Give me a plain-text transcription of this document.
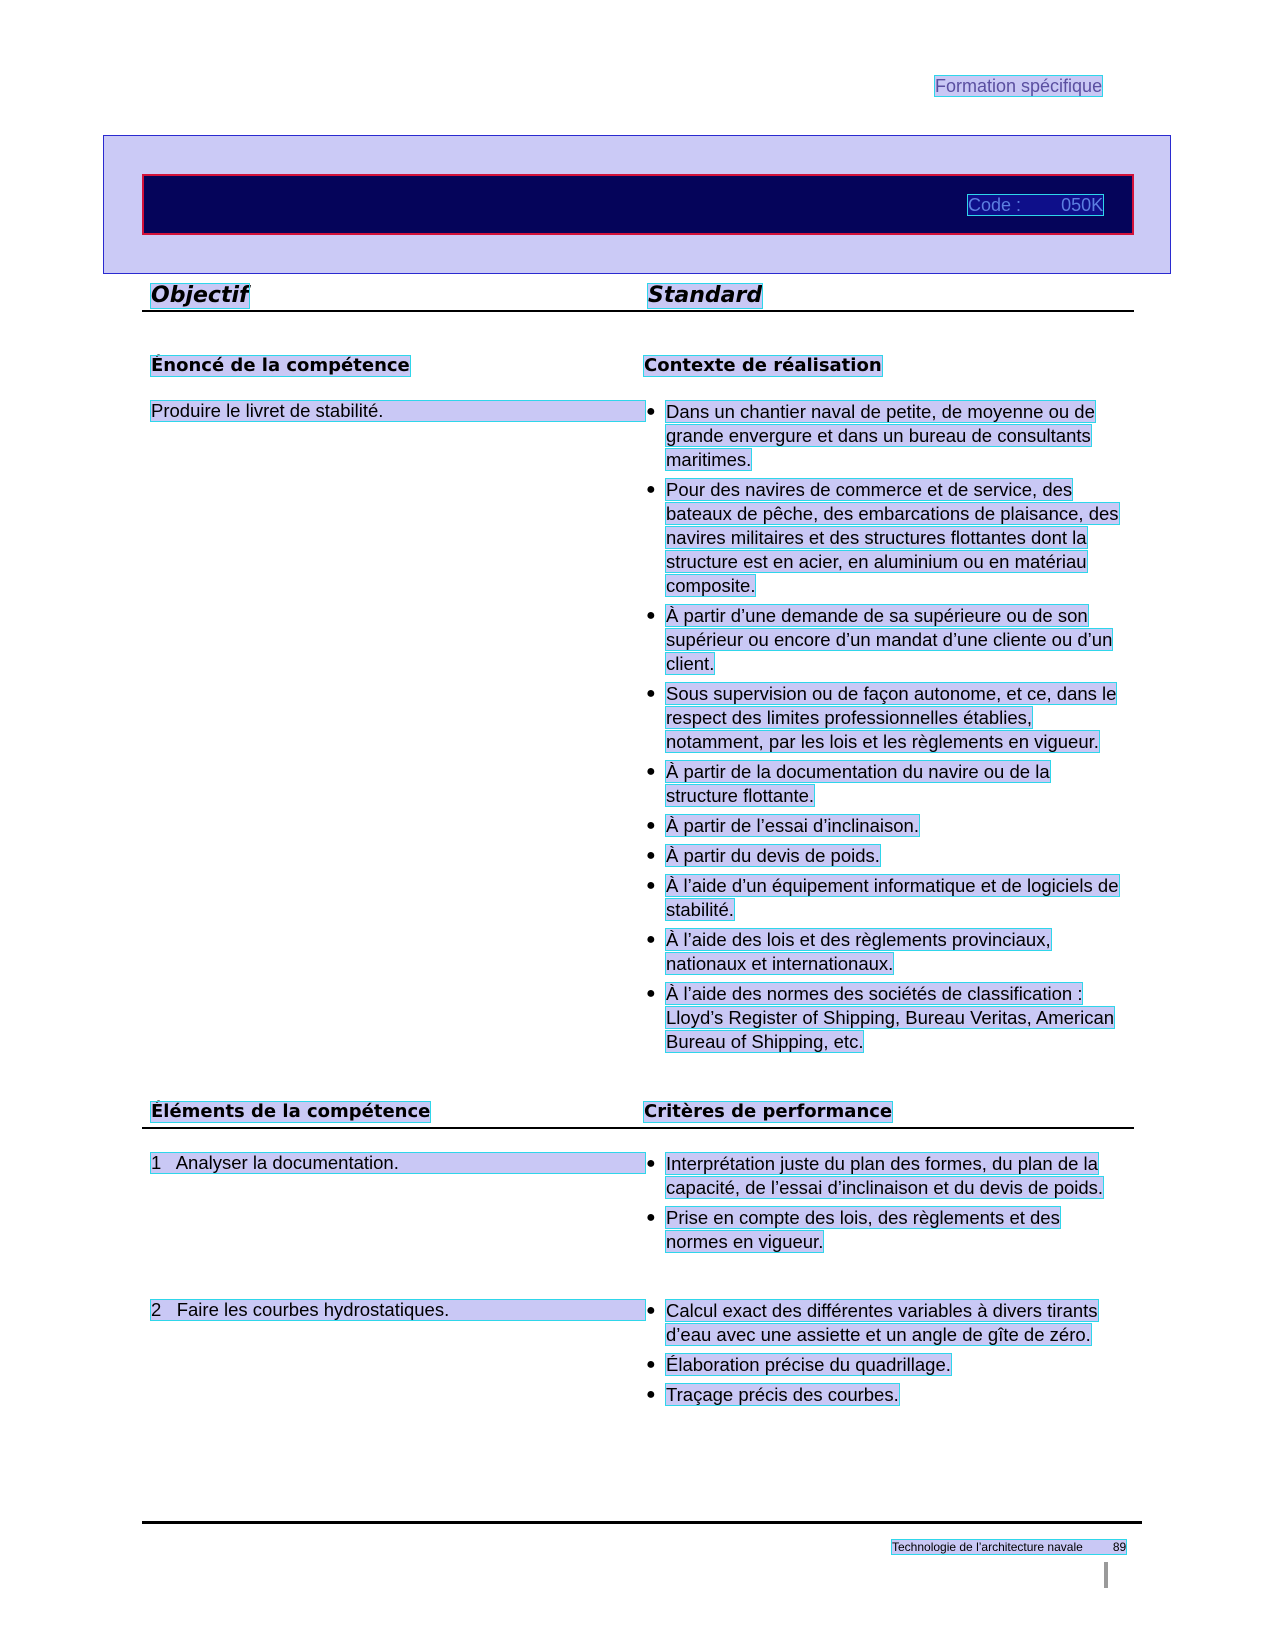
Formation spécifique
Code : 050K
Objectif	Standard
Énoncé de la compétence	Contexte de réalisation
Produire le livret de stabilité.	● Dans un chantier naval de petite, de moyenne ou de grande envergure et dans un bureau de consultants maritimes.
● Pour des navires de commerce et de service, des bateaux de pêche, des embarcations de plaisance, des navires militaires et des structures flottantes dont la structure est en acier, en aluminium ou en matériau composite.
● À partir d’une demande de sa supérieure ou de son supérieur ou encore d’un mandat d’une cliente ou d’un client.
● Sous supervision ou de façon autonome, et ce, dans le respect des limites professionnelles établies, notamment, par les lois et les règlements en vigueur.
● À partir de la documentation du navire ou de la structure flottante.
● À partir de l’essai d’inclinaison.
● À partir du devis de poids.
● À l’aide d’un équipement informatique et de logiciels de stabilité.
● À l’aide des lois et des règlements provinciaux, nationaux et internationaux.
● À l’aide des normes des sociétés de classification : Lloyd’s Register of Shipping, Bureau Veritas, American Bureau of Shipping, etc.
Éléments de la compétence	Critères de performance
1 Analyser la documentation.	● Interprétation juste du plan des formes, du plan de la capacité, de l’essai d’inclinaison et du devis de poids.
● Prise en compte des lois, des règlements et des normes en vigueur.
2 Faire les courbes hydrostatiques.	● Calcul exact des différentes variables à divers tirants d’eau avec une assiette et un angle de gîte de zéro.
● Élaboration précise du quadrillage.
● Traçage précis des courbes.
Technologie de l’architecture navale	89
